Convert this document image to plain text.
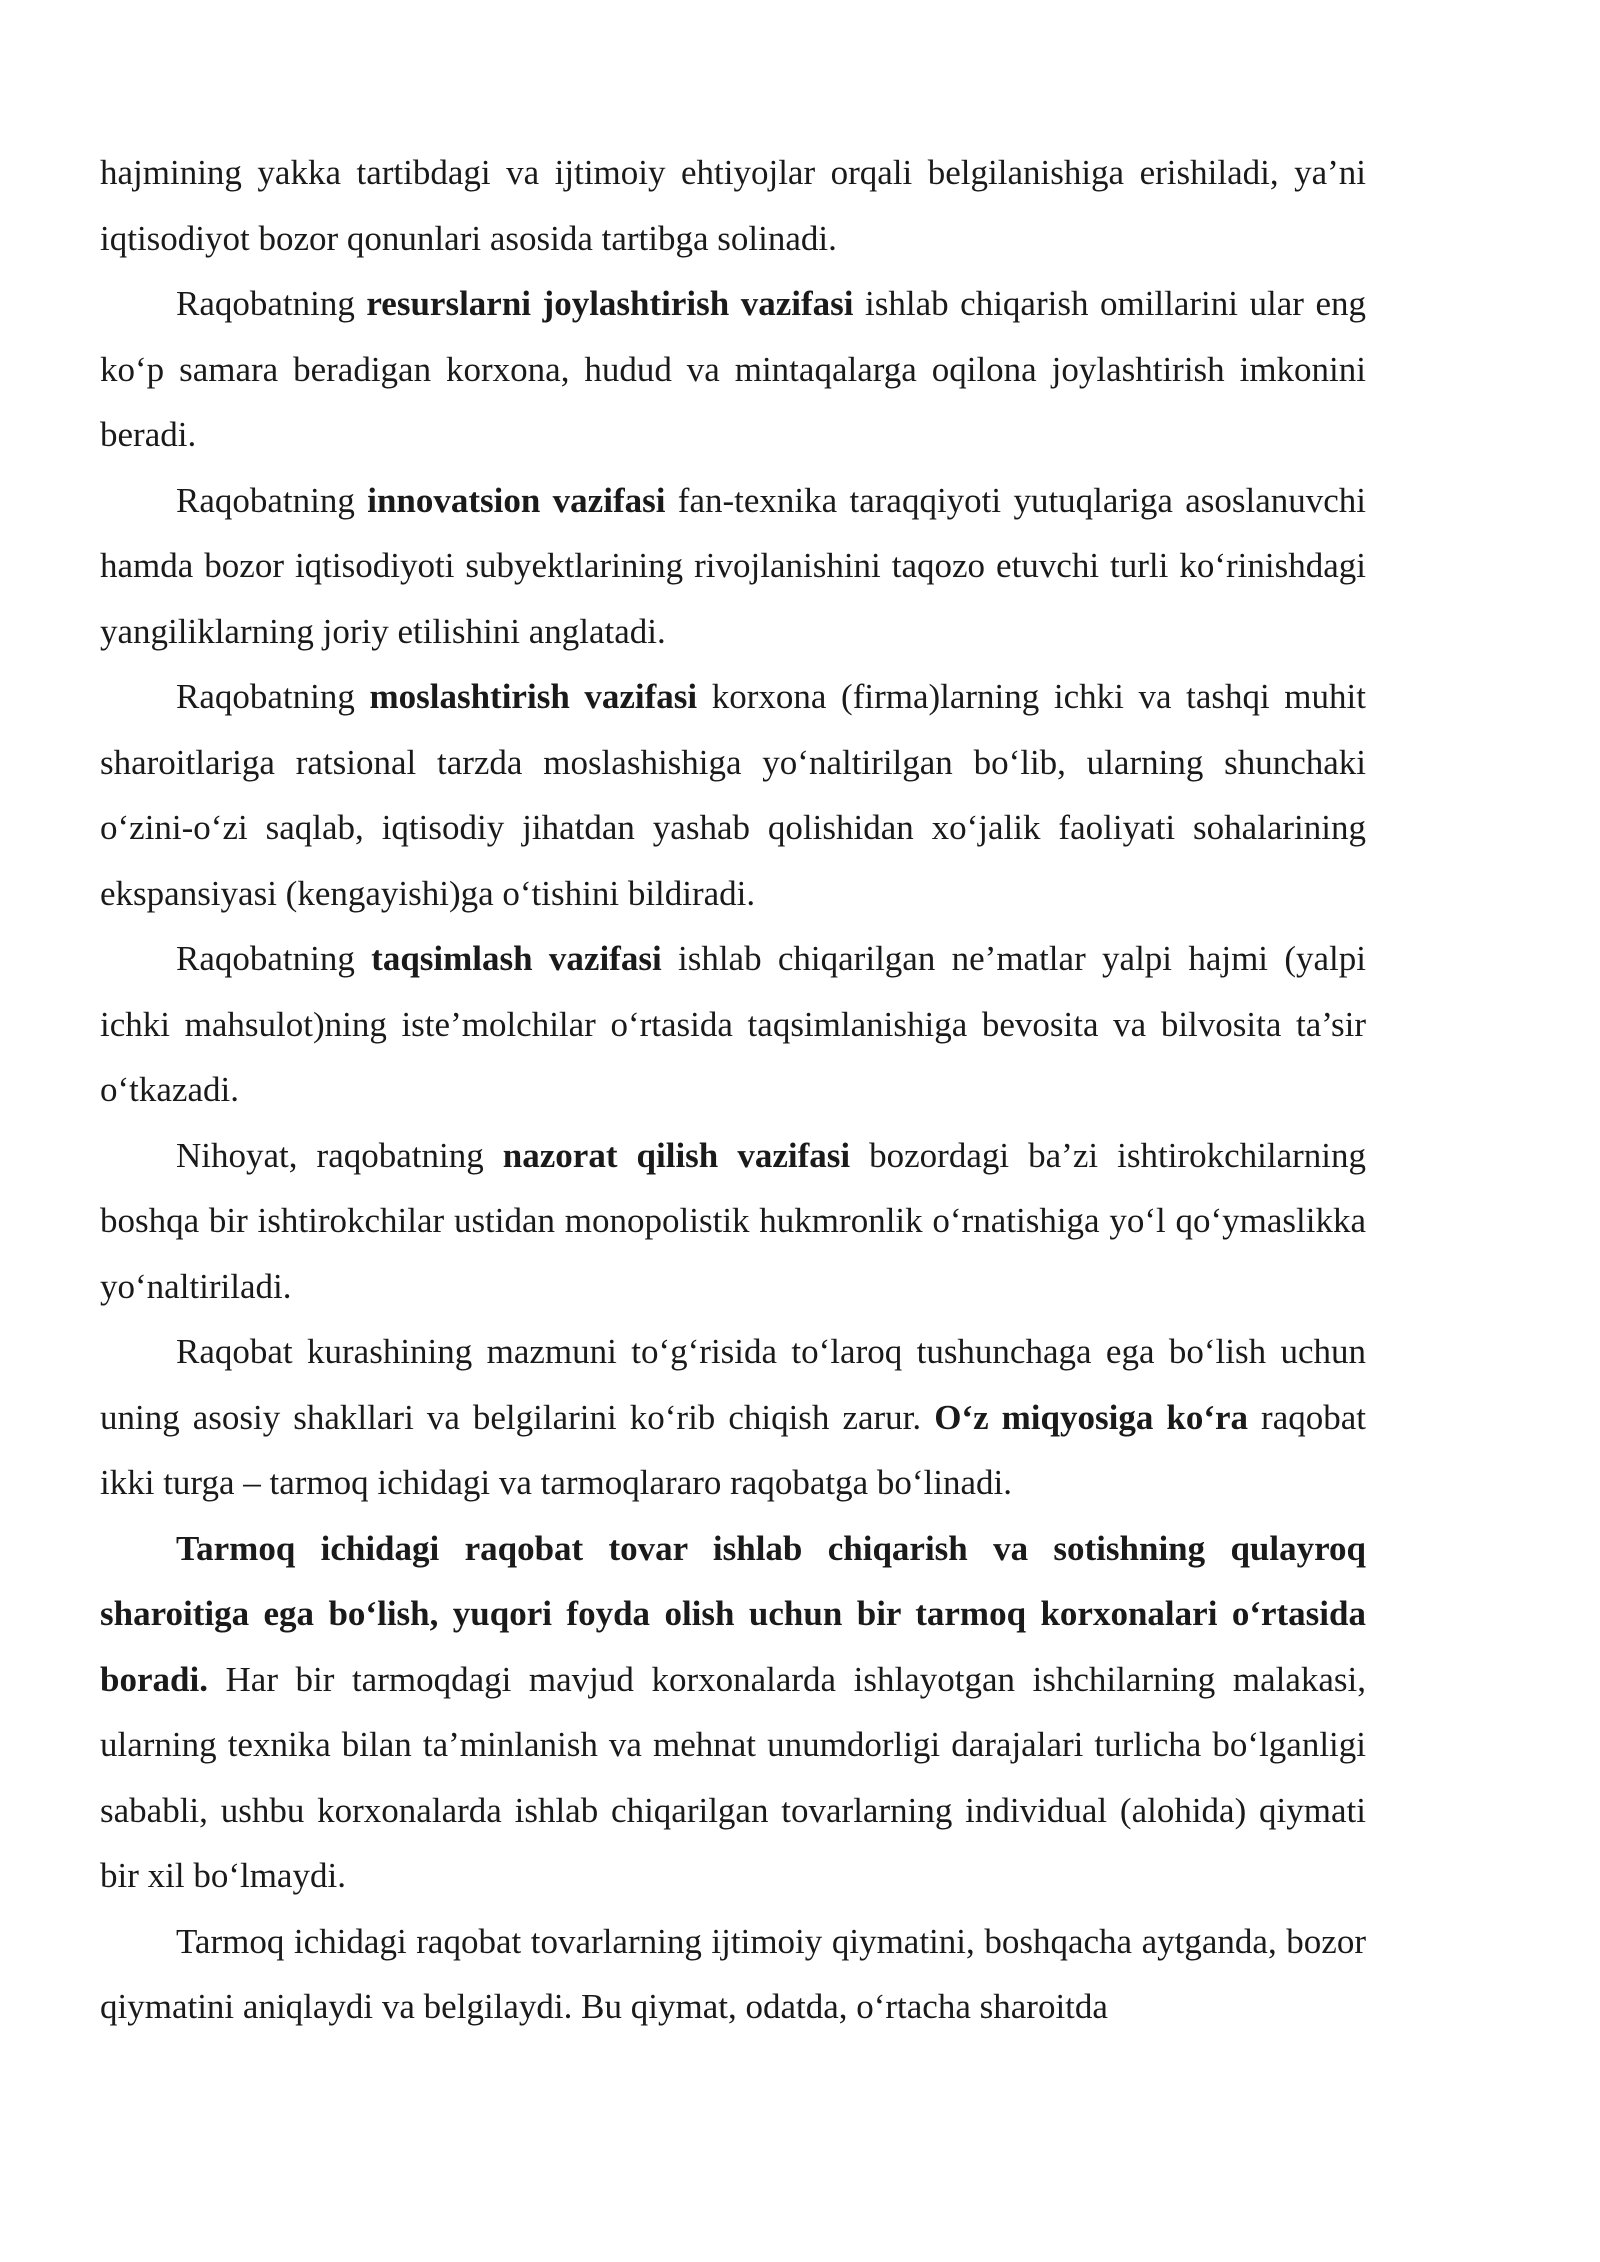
hajmining yakka tartibdagi va ijtimoiy ehtiyojlar orqali belgilanishiga erishiladi, ya’ni iqtisodiyot bozor qonunlari asosida tartibga solinadi.

Raqobatning resurslarni joylashtirish vazifasi ishlab chiqarish omillarini ular eng ko‘p samara beradigan korxona, hudud va mintaqalarga oqilona joylashtirish imkonini beradi.

Raqobatning innovatsion vazifasi fan-texnika taraqqiyoti yutuqlariga asoslanuvchi hamda bozor iqtisodiyoti subyektlarining rivojlanishini taqozo etuvchi turli ko‘rinishdagi yangiliklarning joriy etilishini anglatadi.

Raqobatning moslashtirish vazifasi korxona (firma)larning ichki va tashqi muhit sharoitlariga ratsional tarzda moslashishiga yo‘naltirilgan bo‘lib, ularning shunchaki o‘zini-o‘zi saqlab, iqtisodiy jihatdan yashab qolishidan xo‘jalik faoliyati sohalarining ekspansiyasi (kengayishi)ga o‘tishini bildiradi.

Raqobatning taqsimlash vazifasi ishlab chiqarilgan ne’matlar yalpi hajmi (yalpi ichki mahsulot)ning iste’molchilar o‘rtasida taqsimlanishiga bevosita va bilvosita ta’sir o‘tkazadi.

Nihoyat, raqobatning nazorat qilish vazifasi bozordagi ba’zi ishtirokchilarning boshqa bir ishtirokchilar ustidan monopolistik hukmronlik o‘rnatishiga yo‘l qo‘ymaslikka yo‘naltiriladi.

Raqobat kurashining mazmuni to‘g‘risida to‘laroq tushunchaga ega bo‘lish uchun uning asosiy shakllari va belgilarini ko‘rib chiqish zarur. O‘z miqyosiga ko‘ra raqobat ikki turga – tarmoq ichidagi va tarmoqlararo raqobatga bo‘linadi.

Tarmoq ichidagi raqobat tovar ishlab chiqarish va sotishning qulayroq sharoitiga ega bo‘lish, yuqori foyda olish uchun bir tarmoq korxonalari o‘rtasida boradi. Har bir tarmoqdagi mavjud korxonalarda ishlayotgan ishchilarning malakasi, ularning texnika bilan ta’minlanish va mehnat unumdorligi darajalari turlicha bo‘lganligi sababli, ushbu korxonalarda ishlab chiqarilgan tovarlarning individual (alohida) qiymati bir xil bo‘lmaydi.

Tarmoq ichidagi raqobat tovarlarning ijtimoiy qiymatini, boshqacha aytganda, bozor qiymatini aniqlaydi va belgilaydi. Bu qiymat, odatda, o‘rtacha sharoitda
